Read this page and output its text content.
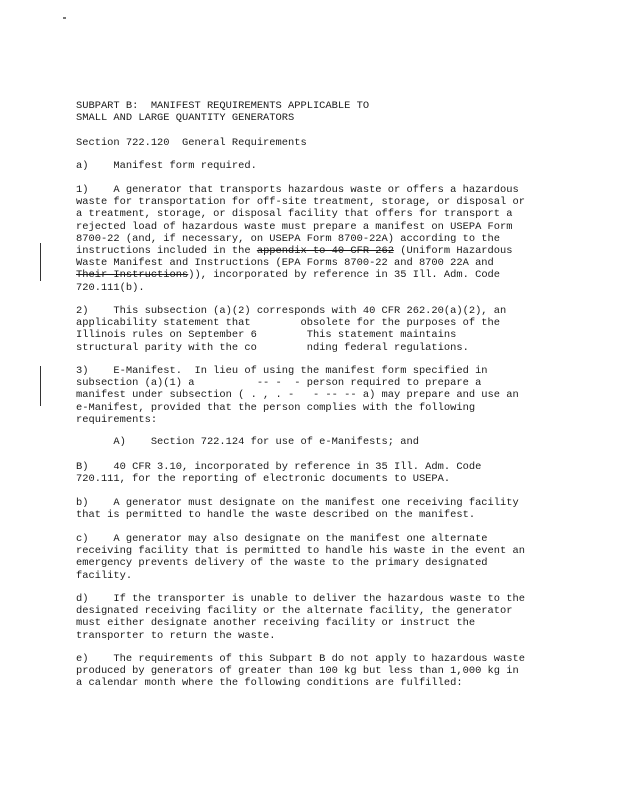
SUBPART B:  MANIFEST REQUIREMENTS APPLICABLE TO
SMALL AND LARGE QUANTITY GENERATORS
Section 722.120  General Requirements
a)    Manifest form required.
1)    A generator that transports hazardous waste or offers a hazardous
waste for transportation for off-site treatment, storage, or disposal or
a treatment, storage, or disposal facility that offers for transport a
rejected load of hazardous waste must prepare a manifest on USEPA Form
8700-22 (and, if necessary, on USEPA Form 8700-22A) according to the
instructions included in the appendix to 40 CFR 262 (Uniform Hazardous
Waste Manifest and Instructions (EPA Forms 8700-22 and 8700 22A and
Their Instructions)), incorporated by reference in 35 Ill. Adm. Code
720.111(b).
2)    This subsection (a)(2) corresponds with 40 CFR 262.20(a)(2), an
applicability statement that        obsolete for the purposes of the
Illinois rules on September 6        This statement maintains
structural parity with the co        nding federal regulations.
3)    E-Manifest.  In lieu of using the manifest form specified in
subsection (a)(1) a          -- -  - person required to prepare a
manifest under subsection ( . , . -   - -- -- a) may prepare and use an
e-Manifest, provided that the person complies with the following
requirements:
A)    Section 722.124 for use of e-Manifests; and
B)    40 CFR 3.10, incorporated by reference in 35 Ill. Adm. Code
720.111, for the reporting of electronic documents to USEPA.
b)    A generator must designate on the manifest one receiving facility
that is permitted to handle the waste described on the manifest.
c)    A generator may also designate on the manifest one alternate
receiving facility that is permitted to handle his waste in the event an
emergency prevents delivery of the waste to the primary designated
facility.
d)    If the transporter is unable to deliver the hazardous waste to the
designated receiving facility or the alternate facility, the generator
must either designate another receiving facility or instruct the
transporter to return the waste.
e)    The requirements of this Subpart B do not apply to hazardous waste
produced by generators of greater than 100 kg but less than 1,000 kg in
a calendar month where the following conditions are fulfilled:
